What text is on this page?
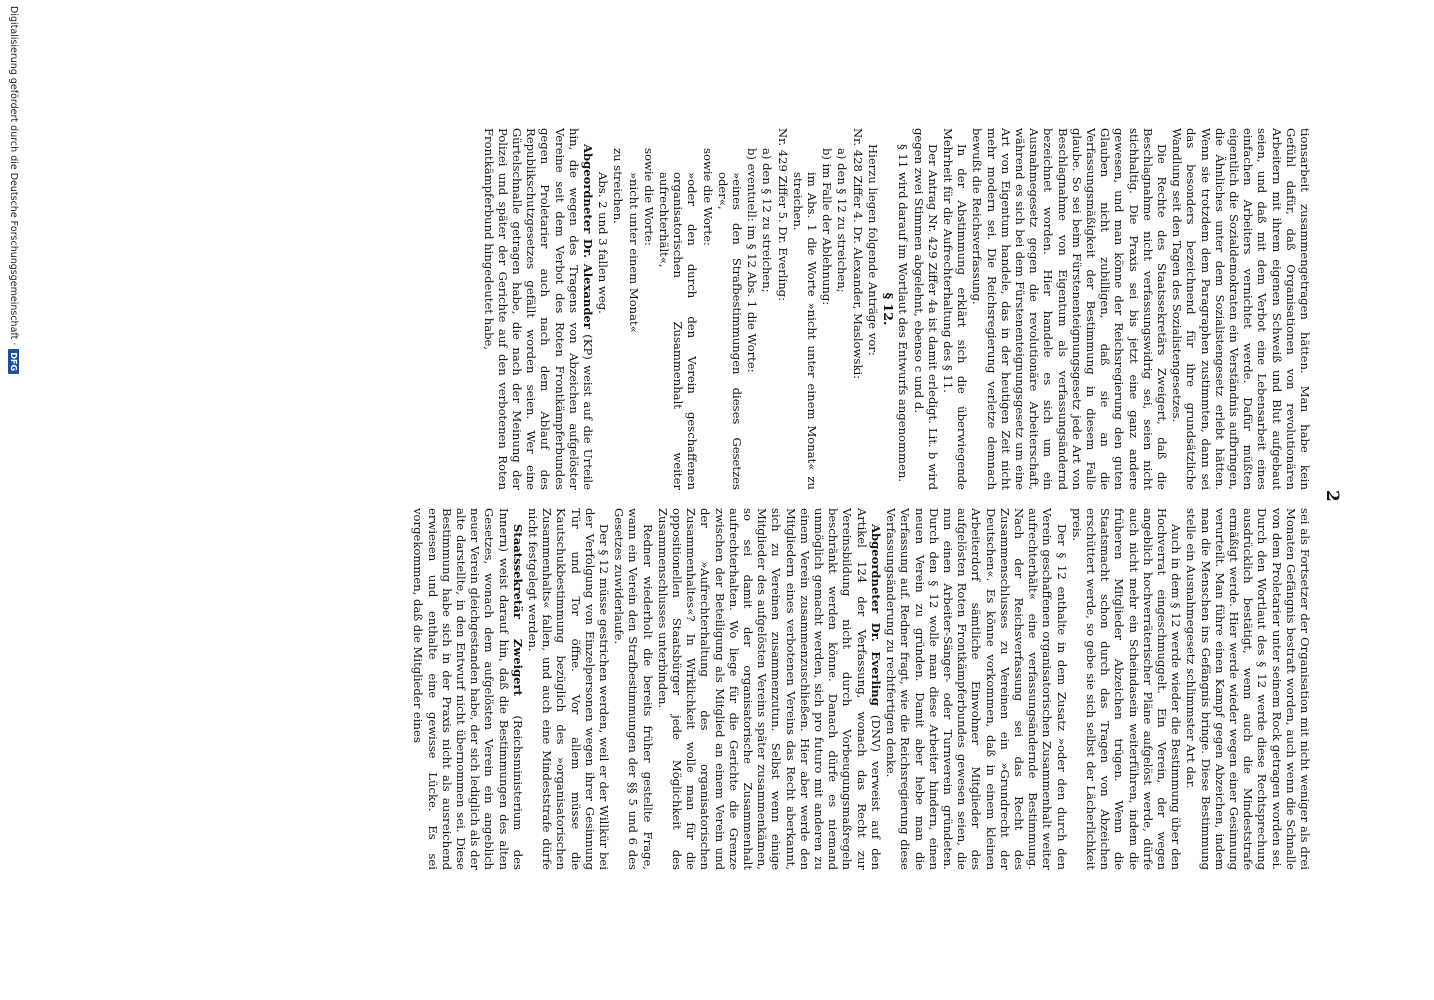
2

tionsarbeit zusammengetragen hätten. Man habe kein Gefühl dafür, daß Organisationen von revolutionären Arbeitern mit ihrem eigenen Schweiß und Blut aufgebaut seien, und daß mit dem Verbot eine Lebensarbeit eines einfachen Arbeiters vernichtet werde. Dafür müßten eigentlich die Sozialdemokraten ein Verständnis aufbringen, die Ähnliches unter dem Sozialistengesetz erlebt hätten. Wenn sie trotzdem dem Paragraphen zustimmten, dann sei das besonders bezeichnend für ihre grundsätzliche Wandlung seit den Tagen des Sozialistengesetzes.

Die Rechte des Staatssekretärs Zweigert, daß die Beschlagnahme nicht verfassungswidrig sei, seien nicht stichhaltig. Die Praxis sei bis jetzt eine ganz andere gewesen, und man könne der Reichsregierung den guten Glauben nicht zubilligen, daß sie an die Verfassungsmäßigkeit der Bestimmung in diesem Falle glaube. So sei beim Fürstenenteignungsgesetz jede Art von Beschlagnahme von Eigentum als verfassungsändernd bezeichnet worden. Hier handele es sich um ein Ausnahmegesetz gegen die revolutionäre Arbeiterschaft, während es sich bei dem Fürstenenteignungsgesetz um eine Art von Eigentum handele, das in der heutigen Zeit nicht mehr modern sei. Die Reichsregierung verletze demnach bewußt die Reichsverfassung.

In der Abstimmung erklärt sich die überwiegende Mehrheit für die Aufrechterhaltung des § 11.

Der Antrag Nr. 429 Ziffer 4a ist damit erledigt. Lit. b wird gegen zwei Stimmen abgelehnt, ebenso c und d.

§ 11 wird darauf im Wortlaut des Entwurfs angenommen.

§ 12.

Hierzu liegen folgende Anträge vor:

Nr. 428 Ziffer 4. Dr. Alexander, Maslowski:

a) den § 12 zu streichen;

b) im Falle der Ablehnung:

im Abs. 1 die Worte »nicht unter einem Monat« zu streichen.

Nr. 429 Ziffer 5. Dr. Everling:

a) den § 12 zu streichen;

b) eventuell: im § 12 Abs. 1 die Worte:

»eines den Strafbestimmungen dieses Gesetzes oder«,

sowie die Worte:

»oder den durch den Verein geschaffenen organisatorischen Zusammenhalt weiter aufrechterhält«,

sowie die Worte:

»nicht unter einem Monat«

zu streichen.

Abs. 2 und 3 fallen weg.

Abgeordneter Dr. Alexander (KP) weist auf die Urteile hin, die wegen des Tragens von Abzeichen aufgelöster Vereine seit dem Verbot des Roten Frontkämpferbundes gegen Proletarier auch nach dem Ablauf des Republikschutzgesetzes gefällt worden seien. Wer eine Gürtelschnalle getragen habe, die nach der Meinung der Polizei und später der Gerichte auf den verbotenen Roten Frontkämpferbund hingedeutet habe,

sei als Fortsetzer der Organisation mit nicht weniger als drei Monaten Gefängnis bestraft worden, auch wenn die Schnalle von dem Proletarier unter seinem Rock getragen worden sei. Durch den Wortlaut des § 12 werde diese Rechtsprechung ausdrücklich bestätigt, wenn auch die Mindeststrafe ermäßigt werde. Hier werde wieder wegen einer Gesinnung verurteilt. Man führe einen Kampf gegen Abzeichen, indem man die Menschen ins Gefängnis bringe. Diese Bestimmung stelle ein Ausnahmegesetz schlimmster Art dar.

Auch in dem § 12 werde wieder die Bestimmung über den Hochverrat eingeschmuggelt. Ein Verein, der wegen angeblich hochverräterischer Pläne aufgelöst werde, dürfe auch nicht mehr ein Scheindasein weiterführen, indem die früheren Mitglieder Abzeichen trügen. Wenn die Staatsmacht schon durch das Tragen von Abzeichen erschüttert werde, so gebe sie sich selbst der Lächerlichkeit preis.

Der § 12 enthalte in dem Zusatz »oder den durch den Verein geschaffenen organisatorischen Zusammenhalt weiter aufrechterhält« eine verfassungsändernde Bestimmung. Nach der Reichsverfassung sei das Recht des Zusammenschlusses zu Vereinen ein »Grundrecht der Deutschen«. Es könne vorkommen, daß in einem kleinen Arbeiterdorf sämtliche Einwohner Mitglieder des aufgelösten Roten Frontkämpferbundes gewesen seien, die nun einen Arbeiter-Sänger- oder Turnverein gründeten. Durch den § 12 wolle man diese Arbeiter hindern, einen neuen Verein zu gründen. Damit aber hebe man die Verfassung auf. Redner fragt, wie die Reichsregierung diese Verfassungsänderung zu rechtfertigen denke.

Abgeordneter Dr. Everling (DNV) verweist auf den Artikel 124 der Verfassung, wonach das Recht zur Vereinsbildung nicht durch Vorbeugungsmaßregeln beschränkt werden könne. Danach dürfe es niemand unmöglich gemacht werden, sich pro futuro mit anderen zu einem Verein zusammenzuschließen. Hier aber werde den Mitgliedern eines verbotenen Vereins das Recht aberkannt, sich zu Vereinen zusammenzutun. Selbst wenn einige Mitglieder des aufgelösten Vereins später zusammenkämen, so sei damit der organisatorische Zusammenhalt aufrechterhalten. Wo liege für die Gerichte die Grenze zwischen der Beteiligung als Mitglied an einem Verein und der »Aufrechterhaltung des organisatorischen Zusammenhaltes«? In Wirklichkeit wolle man für die oppositionellen Staatsbürger jede Möglichkeit des Zusammenschlusses unterbinden.

Redner wiederholt die bereits früher gestellte Frage, wann ein Verein den Strafbestimmungen der §§ 5 und 6 des Gesetzes zuwiderlaufe.

Der § 12 müsse gestrichen werden, weil er der Willkür bei der Verfolgung von Einzelpersonen wegen ihrer Gesinnung Tür und Tor öffne. Vor allem müsse die Kautschukbestimmung bezüglich des »organisatorischen Zusammenhalts« fallen, und auch eine Mindeststrafe dürfe nicht festgelegt werden.

Staatssekretär Zweigert (Reichsministerium des Innern) weist darauf hin, daß die Bestimmungen des alten Gesetzes, wonach dem aufgelösten Verein ein angeblich neuer Verein gleichgestanden habe, der sich lediglich als der alte darstellte, in den Entwurf nicht übernommen sei. Diese Bestimmung habe sich in der Praxis nicht als ausreichend erwiesen und enthalte eine gewisse Lücke. Es sei vorgekommen, daß die Mitglieder eines

Digitalisierung gefördert durch die Deutsche Forschungsgemeinschaft ·
DFG
